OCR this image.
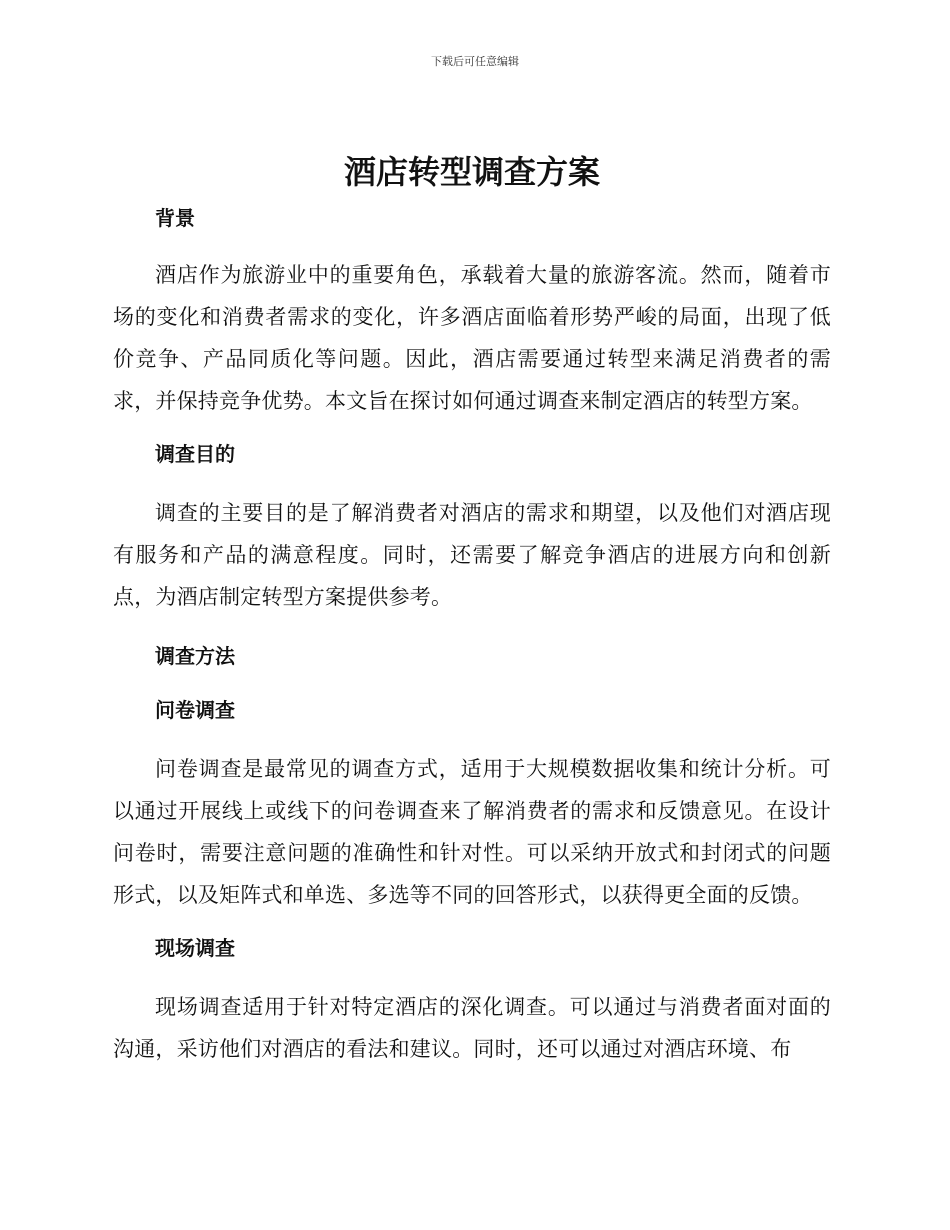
下载后可任意编辑
酒店转型调查方案
背景

酒店作为旅游业中的重要角色，承载着大量的旅游客流。然而，随着市场的变化和消费者需求的变化，许多酒店面临着形势严峻的局面，出现了低价竞争、产品同质化等问题。因此，酒店需要通过转型来满足消费者的需求，并保持竞争优势。本文旨在探讨如何通过调查来制定酒店的转型方案。

调查目的

调查的主要目的是了解消费者对酒店的需求和期望，以及他们对酒店现有服务和产品的满意程度。同时，还需要了解竞争酒店的进展方向和创新点，为酒店制定转型方案提供参考。

调查方法
问卷调查

问卷调查是最常见的调查方式，适用于大规模数据收集和统计分析。可以通过开展线上或线下的问卷调查来了解消费者的需求和反馈意见。在设计问卷时，需要注意问题的准确性和针对性。可以采纳开放式和封闭式的问题形式，以及矩阵式和单选、多选等不同的回答形式，以获得更全面的反馈。

现场调查

现场调查适用于针对特定酒店的深化调查。可以通过与消费者面对面的沟通，采访他们对酒店的看法和建议。同时，还可以通过对酒店环境、布
